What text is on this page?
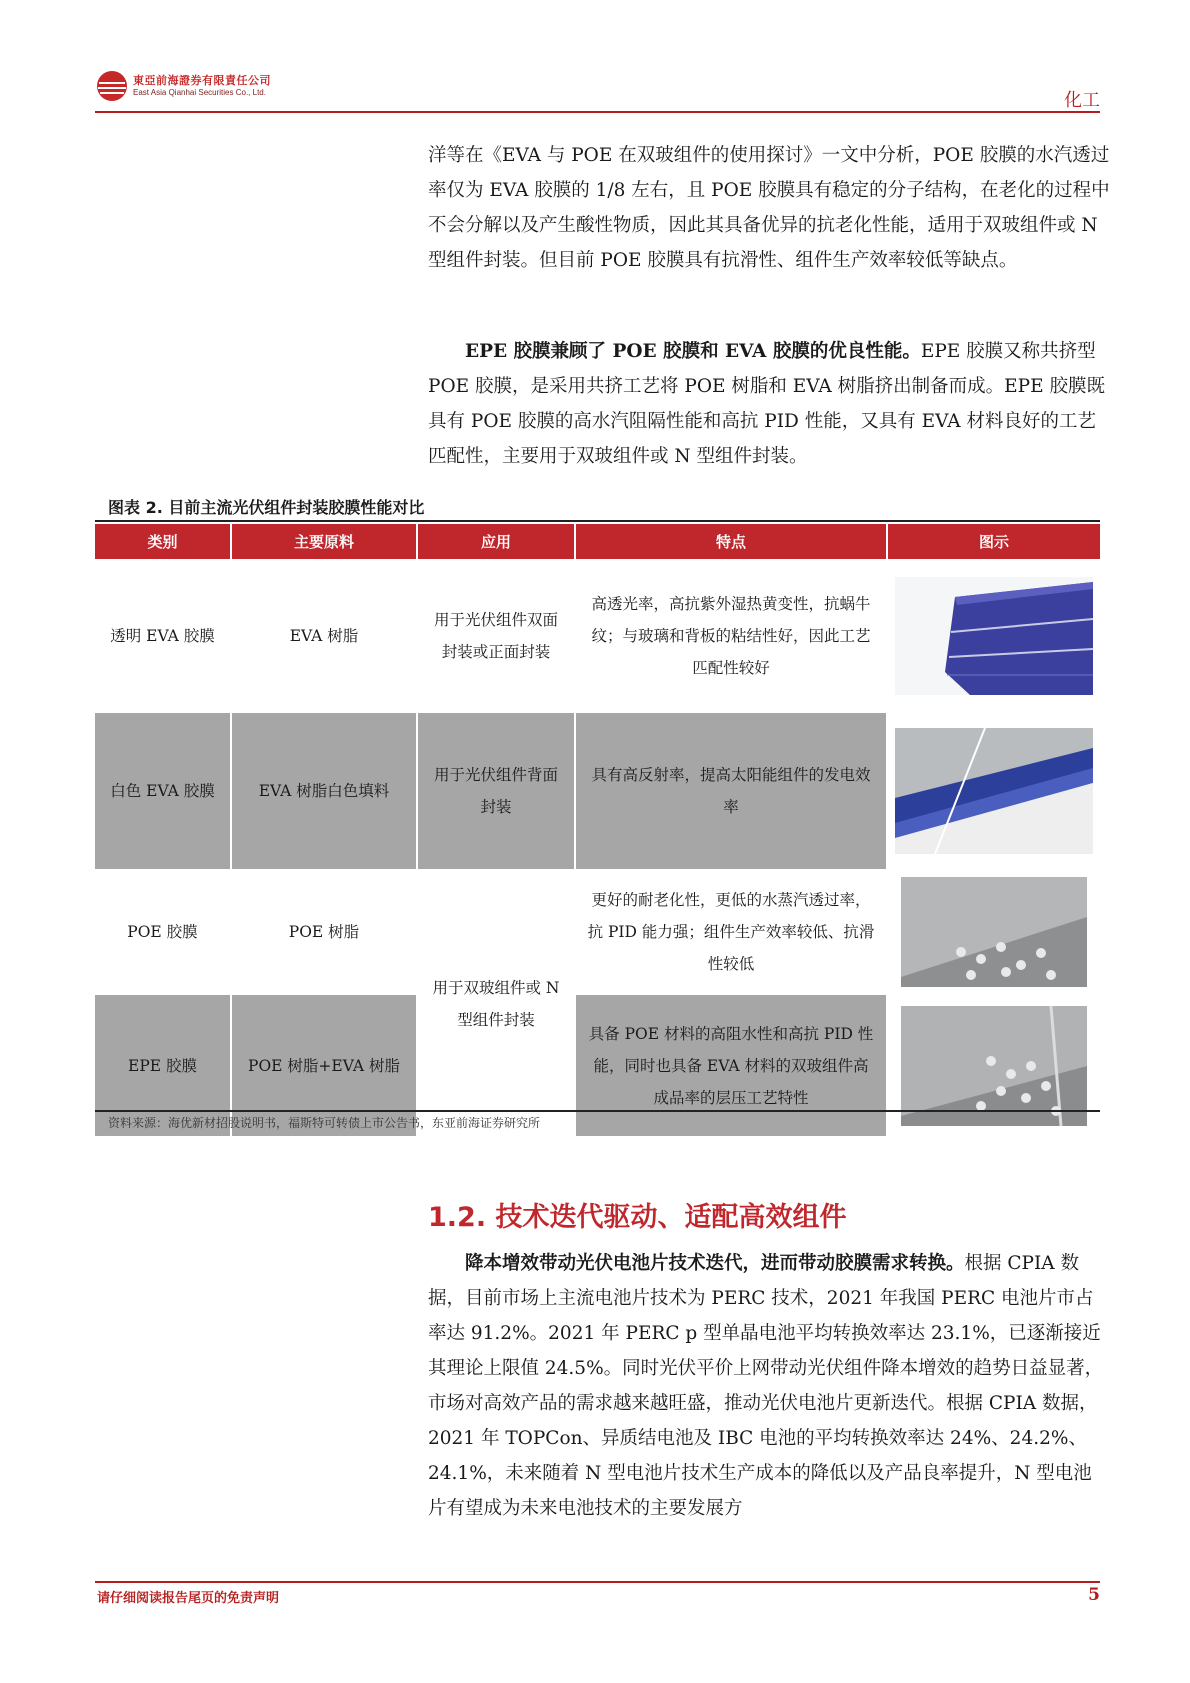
東亞前海證券有限責任公司
East Asia Qianhai Securities Co., Ltd.	化工

洋等在《EVA 与 POE 在双玻组件的使用探讨》一文中分析，POE 胶膜的水汽透过率仅为 EVA 胶膜的 1/8 左右，且 POE 胶膜具有稳定的分子结构，在老化的过程中不会分解以及产生酸性物质，因此其具备优异的抗老化性能，适用于双玻组件或 N 型组件封装。但目前 POE 胶膜具有抗滑性、组件生产效率较低等缺点。

EPE 胶膜兼顾了 POE 胶膜和 EVA 胶膜的优良性能。EPE 胶膜又称共挤型 POE 胶膜，是采用共挤工艺将 POE 树脂和 EVA 树脂挤出制备而成。EPE 胶膜既具有 POE 胶膜的高水汽阻隔性能和高抗 PID 性能，又具有 EVA 材料良好的工艺匹配性，主要用于双玻组件或 N 型组件封装。

图表 2. 目前主流光伏组件封装胶膜性能对比
类别	主要原料	应用	特点	图示
透明 EVA 胶膜	EVA 树脂	用于光伏组件双面封装或正面封装	高透光率，高抗紫外湿热黄变性，抗蜗牛纹；与玻璃和背板的粘结性好，因此工艺匹配性较好	

白色 EVA 胶膜	EVA 树脂白色填料	用于光伏组件背面封装	具有高反射率，提高太阳能组件的发电效率	

POE 胶膜	POE 树脂	用于双玻组件或 N 型组件封装	更好的耐老化性，更低的水蒸汽透过率，抗 PID 能力强；组件生产效率较低、抗滑性较低	

EPE 胶膜	POE 树脂+EVA 树脂		具备 POE 材料的高阻水性和高抗 PID 性能，同时也具备 EVA 材料的双玻组件高成品率的层压工艺特性	
资料来源：海优新材招股说明书，福斯特可转债上市公告书，东亚前海证券研究所
1.2. 技术迭代驱动、适配高效组件

降本增效带动光伏电池片技术迭代，进而带动胶膜需求转换。根据 CPIA 数据，目前市场上主流电池片技术为 PERC 技术，2021 年我国 PERC 电池片市占率达 91.2%。2021 年 PERC p 型单晶电池平均转换效率达 23.1%，已逐渐接近其理论上限值 24.5%。同时光伏平价上网带动光伏组件降本增效的趋势日益显著，市场对高效产品的需求越来越旺盛，推动光伏电池片更新迭代。根据 CPIA 数据，2021 年 TOPCon、异质结电池及 IBC 电池的平均转换效率达 24%、24.2%、24.1%，未来随着 N 型电池片技术生产成本的降低以及产品良率提升，N 型电池片有望成为未来电池技术的主要发展方

请仔细阅读报告尾页的免责声明	5
